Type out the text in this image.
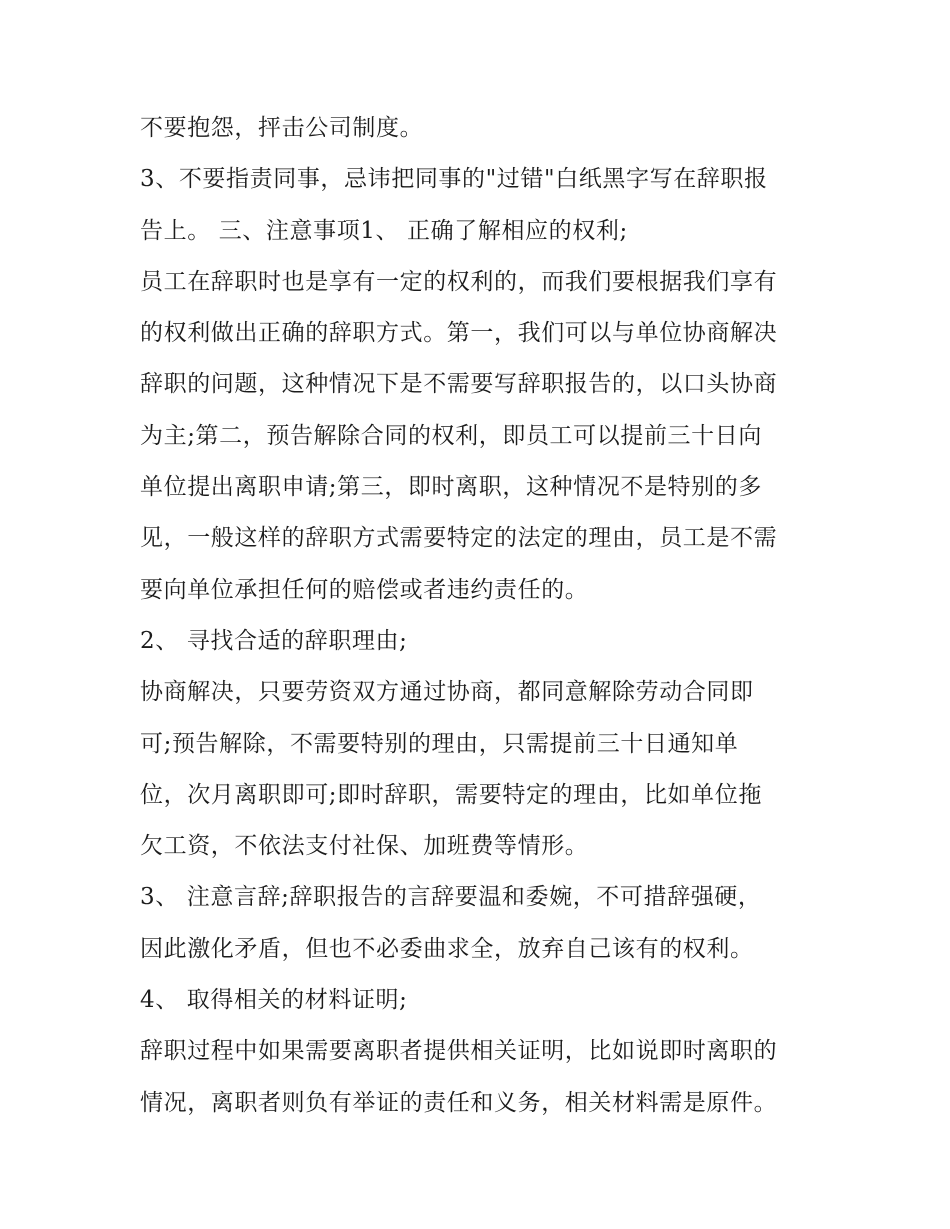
不要抱怨，抨击公司制度。
3、不要指责同事，忌讳把同事的"过错"白纸黑字写在辞职报
告上。 三、注意事项1、 正确了解相应的权利;
员工在辞职时也是享有一定的权利的，而我们要根据我们享有
的权利做出正确的辞职方式。第一，我们可以与单位协商解决
辞职的问题，这种情况下是不需要写辞职报告的，以口头协商
为主;第二，预告解除合同的权利，即员工可以提前三十日向
单位提出离职申请;第三，即时离职，这种情况不是特别的多
见，一般这样的辞职方式需要特定的法定的理由，员工是不需
要向单位承担任何的赔偿或者违约责任的。
2、 寻找合适的辞职理由;
协商解决，只要劳资双方通过协商，都同意解除劳动合同即
可;预告解除，不需要特别的理由，只需提前三十日通知单
位，次月离职即可;即时辞职，需要特定的理由，比如单位拖
欠工资，不依法支付社保、加班费等情形。
3、 注意言辞;辞职报告的言辞要温和委婉，不可措辞强硬，
因此激化矛盾，但也不必委曲求全，放弃自己该有的权利。
4、 取得相关的材料证明;
辞职过程中如果需要离职者提供相关证明，比如说即时离职的
情况，离职者则负有举证的责任和义务，相关材料需是原件。
